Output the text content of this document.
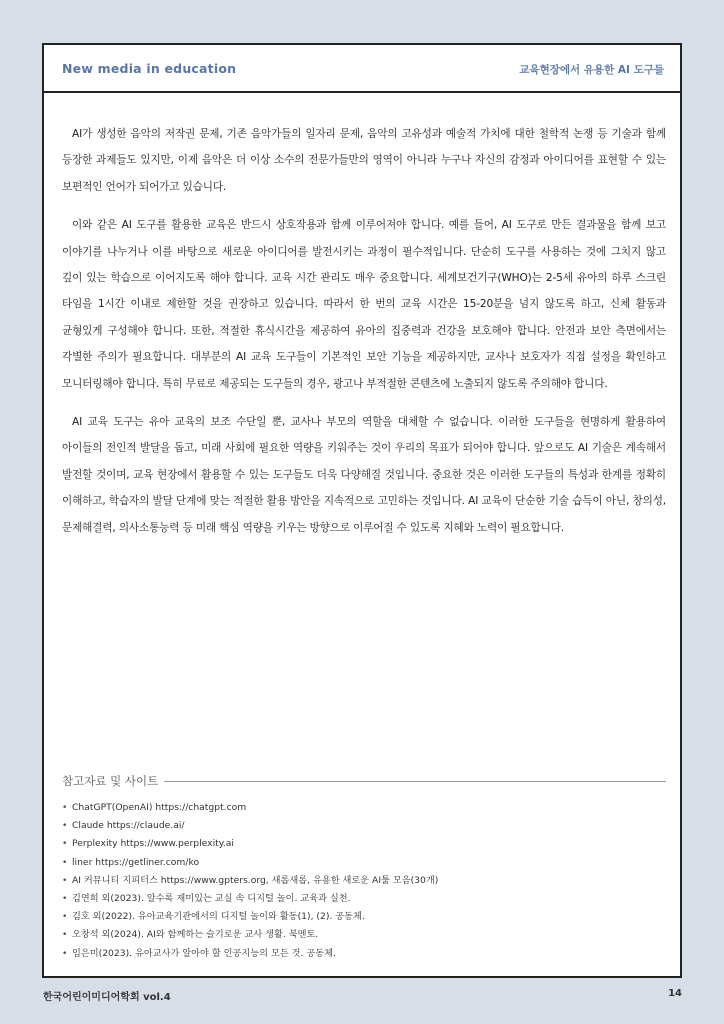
New media in education	교육현장에서 유용한 AI 도구들

AI가 생성한 음악의 저작권 문제, 기존 음악가들의 일자리 문제, 음악의 고유성과 예술적 가치에 대한 철학적 논쟁 등 기술과 함께 등장한 과제들도 있지만, 이제 음악은 더 이상 소수의 전문가들만의 영역이 아니라 누구나 자신의 감정과 아이디어를 표현할 수 있는 보편적인 언어가 되어가고 있습니다.

이와 같은 AI 도구를 활용한 교육은 반드시 상호작용과 함께 이루어져야 합니다. 예를 들어, AI 도구로 만든 결과물을 함께 보고 이야기를 나누거나 이를 바탕으로 새로운 아이디어를 발전시키는 과정이 필수적입니다. 단순히 도구를 사용하는 것에 그치지 않고 깊이 있는 학습으로 이어지도록 해야 합니다. 교육 시간 관리도 매우 중요합니다. 세계보건기구(WHO)는 2-5세 유아의 하루 스크린 타임을 1시간 이내로 제한할 것을 권장하고 있습니다. 따라서 한 번의 교육 시간은 15-20분을 넘지 않도록 하고, 신체 활동과 균형있게 구성해야 합니다. 또한, 적절한 휴식시간을 제공하여 유아의 집중력과 건강을 보호해야 합니다. 안전과 보안 측면에서는 각별한 주의가 필요합니다. 대부분의 AI 교육 도구들이 기본적인 보안 기능을 제공하지만, 교사나 보호자가 직접 설정을 확인하고 모니터링해야 합니다. 특히 무료로 제공되는 도구들의 경우, 광고나 부적절한 콘텐츠에 노출되지 않도록 주의해야 합니다.

AI 교육 도구는 유아 교육의 보조 수단일 뿐, 교사나 부모의 역할을 대체할 수 없습니다. 이러한 도구들을 현명하게 활용하여 아이들의 전인적 발달을 돕고, 미래 사회에 필요한 역량을 키워주는 것이 우리의 목표가 되어야 합니다. 앞으로도 AI 기술은 계속해서 발전할 것이며, 교육 현장에서 활용할 수 있는 도구들도 더욱 다양해질 것입니다. 중요한 것은 이러한 도구들의 특성과 한계를 정확히 이해하고, 학습자의 발달 단계에 맞는 적절한 활용 방안을 지속적으로 고민하는 것입니다. AI 교육이 단순한 기술 습득이 아닌, 창의성, 문제해결력, 의사소통능력 등 미래 핵심 역량을 키우는 방향으로 이루어질 수 있도록 지혜와 노력이 필요합니다.

참고자료 및 사이트
• ChatGPT(OpenAI) https://chatgpt.com
• Claude https://claude.ai/
• Perplexity https://www.perplexity.ai
• liner https://getliner.com/ko
• AI 커뮤니티 지피터스 https://www.gpters.org, 새롭새롭, 유용한 새로운 AI툴 모음(30개)
• 김연희 외(2023). 알수록 재미있는 교실 속 디지털 놀이. 교육과 실천.
• 김호 외(2022). 유아교육기관에서의 디지털 놀이와 활동(1), (2). 공동체.
• 오창석 외(2024). AI와 함께하는 슬기로운 교사 생활. 북멘토.
• 임은미(2023). 유아교사가 알아야 할 인공지능의 모든 것. 공동체.
한국어린이미디어학회 vol.4	14
